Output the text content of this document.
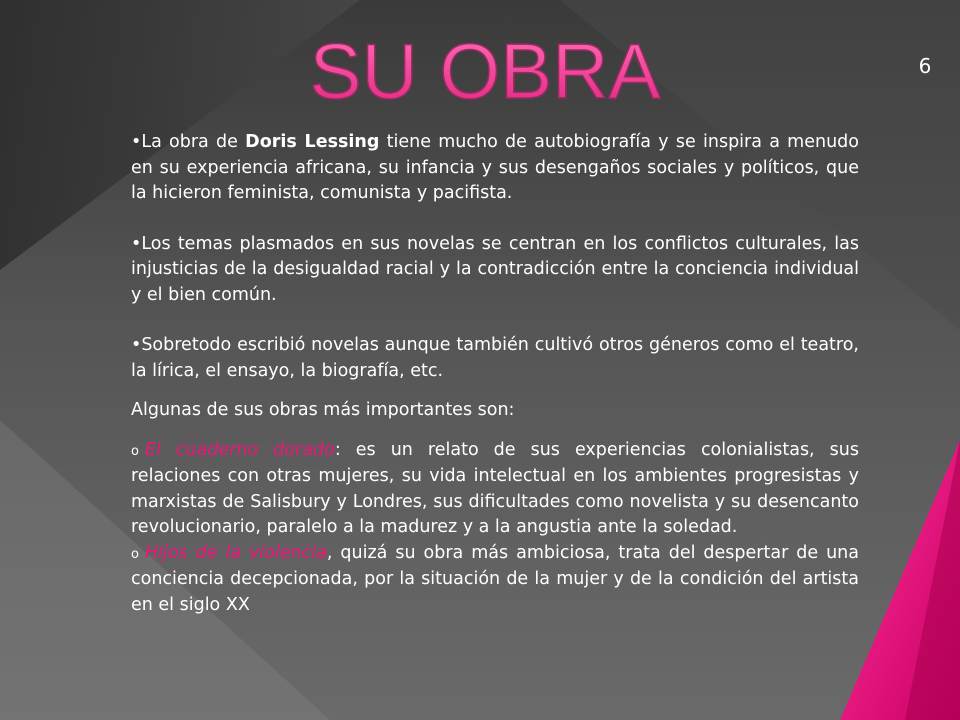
SU OBRA	6

•La obra de Doris Lessing tiene mucho de autobiografía y se inspira a menudo en su experiencia africana, su infancia y sus desengaños sociales y políticos, que la hicieron feminista, comunista y pacifista.

•Los temas plasmados en sus novelas se centran en los conflictos culturales, las injusticias de la desigualdad racial y la contradicción entre la conciencia individual y el bien común.

•Sobretodo escribió novelas aunque también cultivó otros géneros como el teatro, la lírica, el ensayo, la biografía, etc.

Algunas de sus obras más importantes son:

o El cuaderno dorado: es un relato de sus experiencias colonialistas, sus relaciones con otras mujeres, su vida intelectual en los ambientes progresistas y marxistas de Salisbury y Londres, sus dificultades como novelista y su desencanto revolucionario, paralelo a la madurez y a la angustia ante la soledad.

o Hijos de la violencia, quizá su obra más ambiciosa, trata del despertar de una conciencia decepcionada, por la situación de la mujer y de la condición del artista en el siglo XX
